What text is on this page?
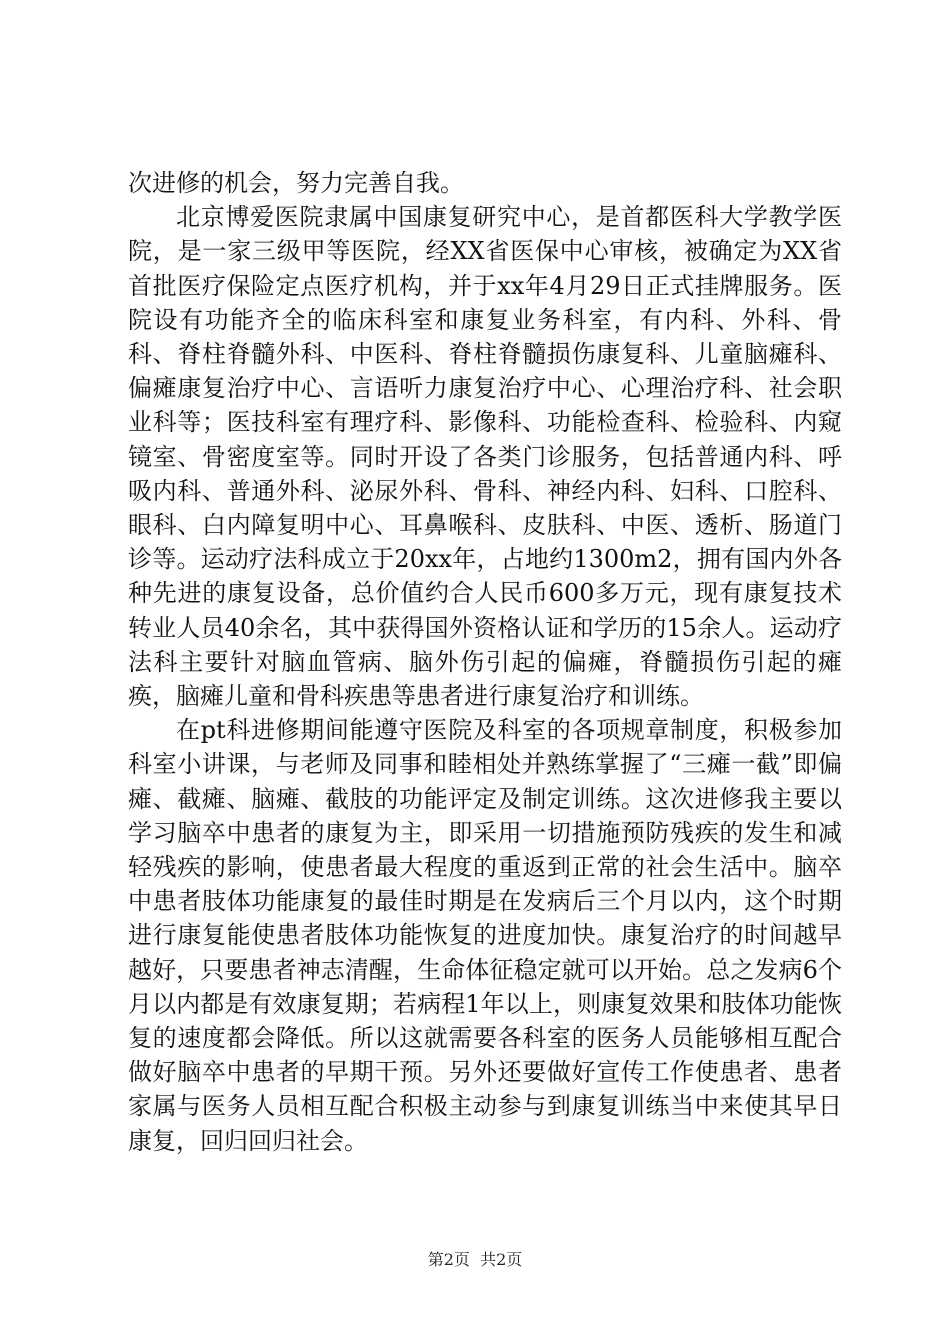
次进修的机会，努力完善自我。

北京博爱医院隶属中国康复研究中心，是首都医科大学教学医院，是一家三级甲等医院，经XX省医保中心审核，被确定为XX省首批医疗保险定点医疗机构，并于xx年4月29日正式挂牌服务。医院设有功能齐全的临床科室和康复业务科室，有内科、外科、骨科、脊柱脊髓外科、中医科、脊柱脊髓损伤康复科、儿童脑瘫科、偏瘫康复治疗中心、言语听力康复治疗中心、心理治疗科、社会职业科等；医技科室有理疗科、影像科、功能检查科、检验科、内窥镜室、骨密度室等。同时开设了各类门诊服务，包括普通内科、呼吸内科、普通外科、泌尿外科、骨科、神经内科、妇科、口腔科、眼科、白内障复明中心、耳鼻喉科、皮肤科、中医、透析、肠道门诊等。运动疗法科成立于20xx年，占地约1300m2，拥有国内外各种先进的康复设备，总价值约合人民币600多万元，现有康复技术转业人员40余名，其中获得国外资格认证和学历的15余人。运动疗法科主要针对脑血管病、脑外伤引起的偏瘫，脊髓损伤引起的瘫痪，脑瘫儿童和骨科疾患等患者进行康复治疗和训练。

在pt科进修期间能遵守医院及科室的各项规章制度，积极参加科室小讲课，与老师及同事和睦相处并熟练掌握了“三瘫一截”即偏瘫、截瘫、脑瘫、截肢的功能评定及制定训练。这次进修我主要以学习脑卒中患者的康复为主，即采用一切措施预防残疾的发生和减轻残疾的影响，使患者最大程度的重返到正常的社会生活中。脑卒中患者肢体功能康复的最佳时期是在发病后三个月以内，这个时期进行康复能使患者肢体功能恢复的进度加快。康复治疗的时间越早越好，只要患者神志清醒，生命体征稳定就可以开始。总之发病6个月以内都是有效康复期；若病程1年以上，则康复效果和肢体功能恢复的速度都会降低。所以这就需要各科室的医务人员能够相互配合做好脑卒中患者的早期干预。另外还要做好宣传工作使患者、患者家属与医务人员相互配合积极主动参与到康复训练当中来使其早日康复，回归回归社会。

第2页  共2页
